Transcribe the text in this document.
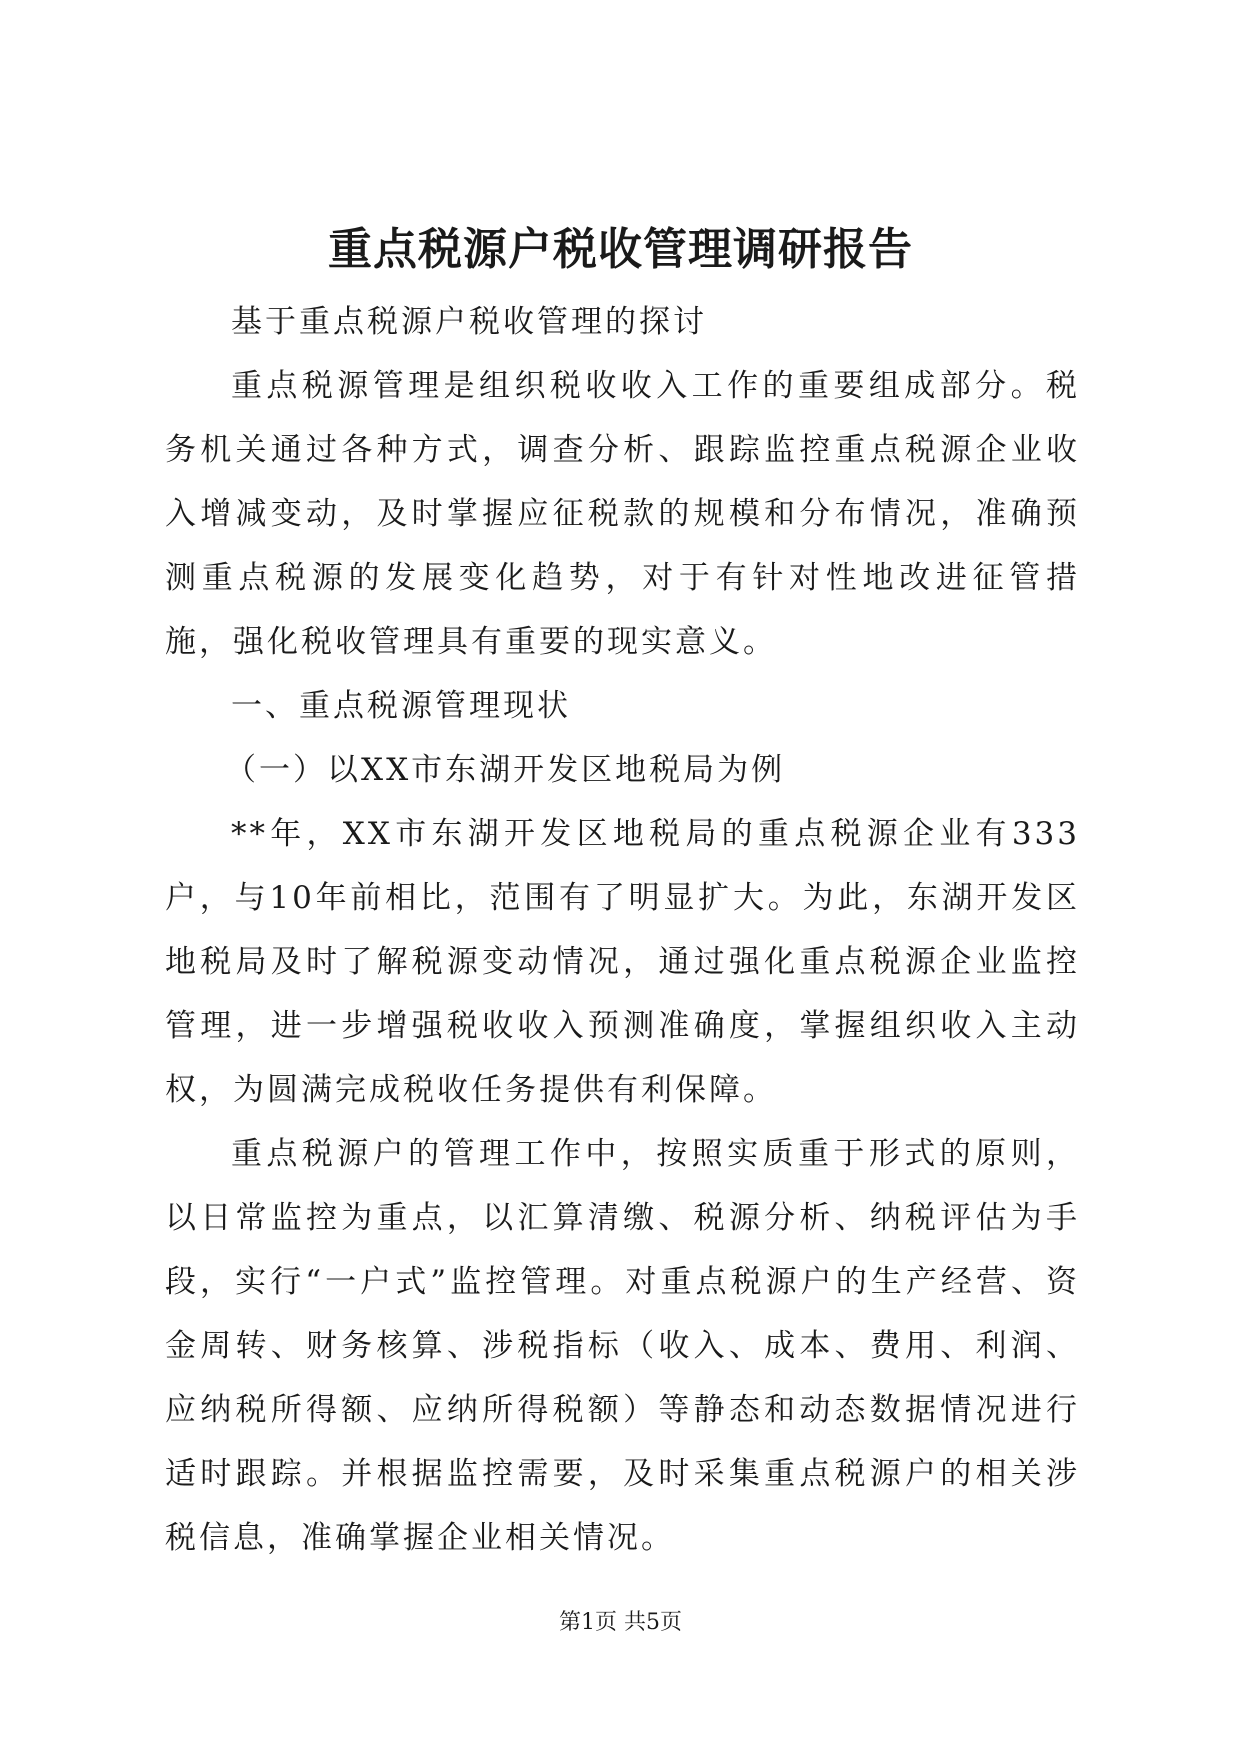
重点税源户税收管理调研报告

基于重点税源户税收管理的探讨

重点税源管理是组织税收收入工作的重要组成部分。税务机关通过各种方式，调查分析、跟踪监控重点税源企业收入增减变动，及时掌握应征税款的规模和分布情况，准确预测重点税源的发展变化趋势，对于有针对性地改进征管措施，强化税收管理具有重要的现实意义。

一、重点税源管理现状

（一）以XX市东湖开发区地税局为例

**年，XX市东湖开发区地税局的重点税源企业有333户，与10年前相比，范围有了明显扩大。为此，东湖开发区地税局及时了解税源变动情况，通过强化重点税源企业监控管理，进一步增强税收收入预测准确度，掌握组织收入主动权，为圆满完成税收任务提供有利保障。

重点税源户的管理工作中，按照实质重于形式的原则，以日常监控为重点，以汇算清缴、税源分析、纳税评估为手段，实行“一户式”监控管理。对重点税源户的生产经营、资金周转、财务核算、涉税指标（收入、成本、费用、利润、应纳税所得额、应纳所得税额）等静态和动态数据情况进行适时跟踪。并根据监控需要，及时采集重点税源户的相关涉税信息，准确掌握企业相关情况。

第1页 共5页
